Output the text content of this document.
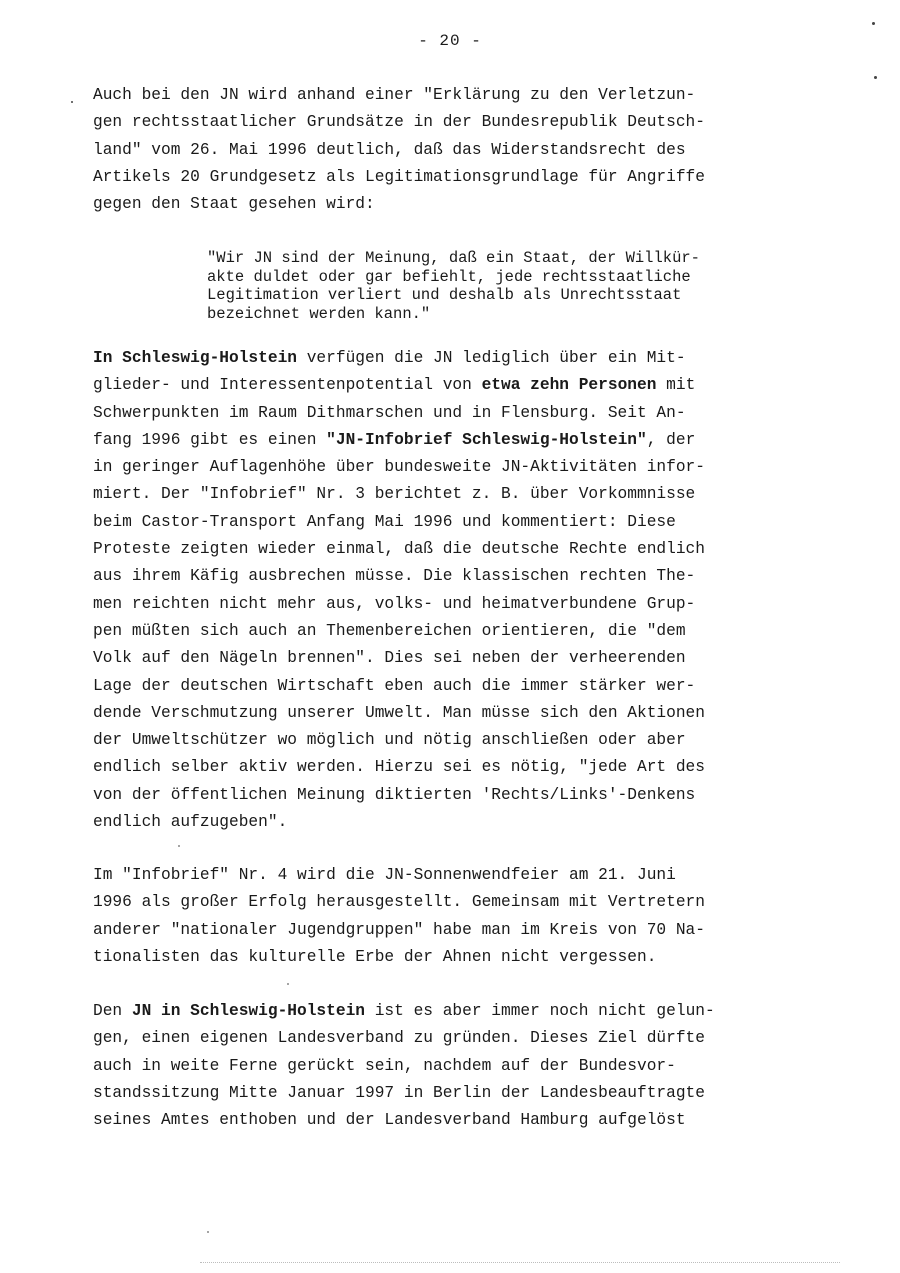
- 20 -
Auch bei den JN wird anhand einer "Erklärung zu den Verletzun-
gen rechtsstaatlicher Grundsätze in der Bundesrepublik Deutsch-
land" vom 26. Mai 1996 deutlich, daß das Widerstandsrecht des
Artikels 20 Grundgesetz als Legitimationsgrundlage für Angriffe
gegen den Staat gesehen wird:
"Wir JN sind der Meinung, daß ein Staat, der Willkür-
akte duldet oder gar befiehlt, jede rechtsstaatliche
Legitimation verliert und deshalb als Unrechtsstaat
bezeichnet werden kann."
In Schleswig-Holstein verfügen die JN lediglich über ein Mit-
glieder- und Interessentenpotential von etwa zehn Personen mit
Schwerpunkten im Raum Dithmarschen und in Flensburg. Seit An-
fang 1996 gibt es einen "JN-Infobrief Schleswig-Holstein", der
in geringer Auflagenhöhe über bundesweite JN-Aktivitäten infor-
miert. Der "Infobrief" Nr. 3 berichtet z. B. über Vorkommnisse
beim Castor-Transport Anfang Mai 1996 und kommentiert: Diese
Proteste zeigten wieder einmal, daß die deutsche Rechte endlich
aus ihrem Käfig ausbrechen müsse. Die klassischen rechten The-
men reichten nicht mehr aus, volks- und heimatverbundene Grup-
pen müßten sich auch an Themenbereichen orientieren, die "dem
Volk auf den Nägeln brennen". Dies sei neben der verheerenden
Lage der deutschen Wirtschaft eben auch die immer stärker wer-
dende Verschmutzung unserer Umwelt. Man müsse sich den Aktionen
der Umweltschützer wo möglich und nötig anschließen oder aber
endlich selber aktiv werden. Hierzu sei es nötig, "jede Art des
von der öffentlichen Meinung diktierten 'Rechts/Links'-Denkens
endlich aufzugeben".
Im "Infobrief" Nr. 4 wird die JN-Sonnenwendfeier am 21. Juni
1996 als großer Erfolg herausgestellt. Gemeinsam mit Vertretern
anderer "nationaler Jugendgruppen" habe man im Kreis von 70 Na-
tionalisten das kulturelle Erbe der Ahnen nicht vergessen.
Den JN in Schleswig-Holstein ist es aber immer noch nicht gelun-
gen, einen eigenen Landesverband zu gründen. Dieses Ziel dürfte
auch in weite Ferne gerückt sein, nachdem auf der Bundesvor-
standssitzung Mitte Januar 1997 in Berlin der Landesbeauftragte
seines Amtes enthoben und der Landesverband Hamburg aufgelöst
